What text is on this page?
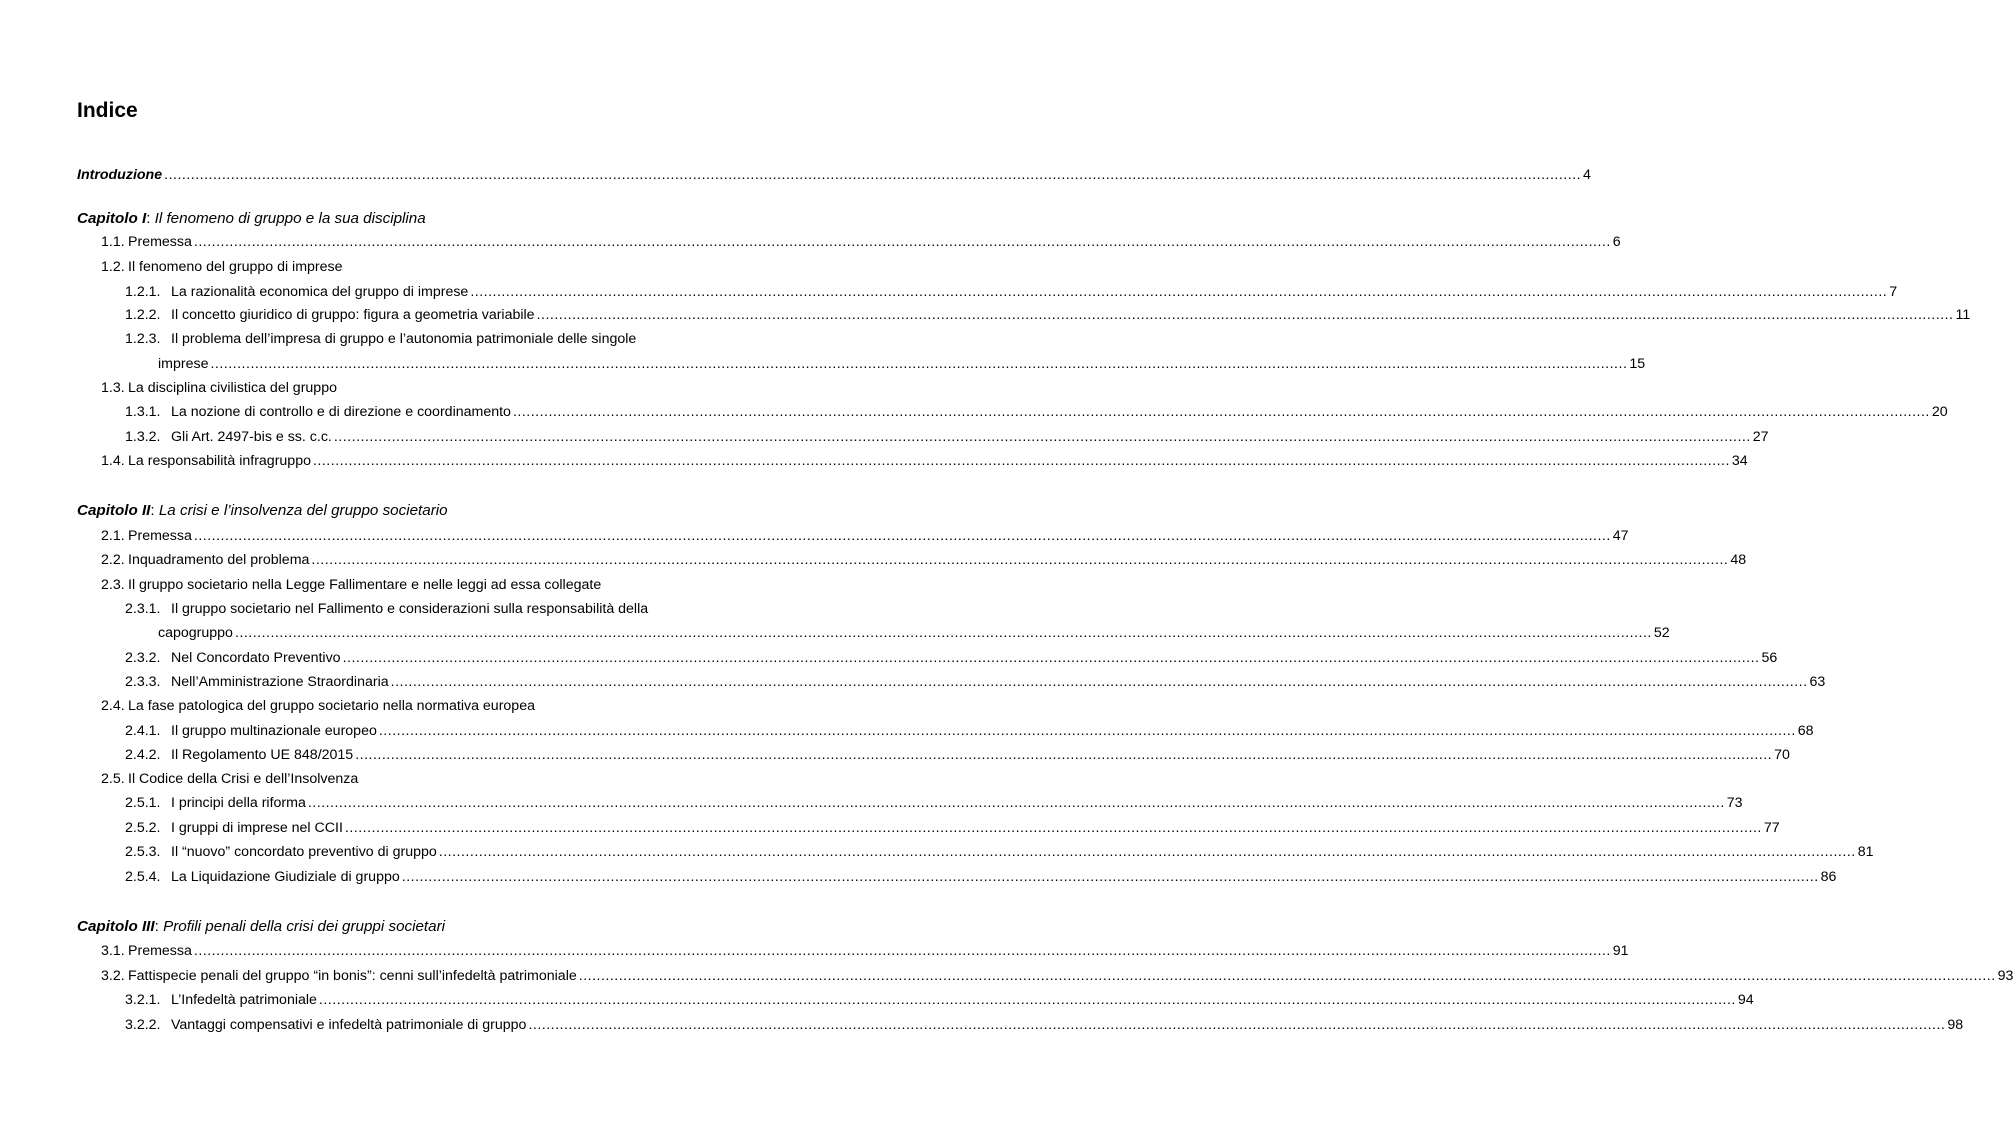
Indice
Introduzione .....	4
Capitolo I: Il fenomeno di gruppo e la sua disciplina
1.1. Premessa .....	6
1.2. Il fenomeno del gruppo di imprese
1.2.1. La razionalità economica del gruppo di imprese .....	7
1.2.2. Il concetto giuridico di gruppo: figura a geometria variabile .....	11
1.2.3. Il problema dell’impresa di gruppo e l’autonomia patrimoniale delle singole
imprese .....	15
1.3. La disciplina civilistica del gruppo
1.3.1. La nozione di controllo e di direzione e coordinamento .....	20
1.3.2. Gli Art. 2497-bis e ss. c.c. .....	27
1.4. La responsabilità infragruppo .....	34
Capitolo II: La crisi e l’insolvenza del gruppo societario
2.1. Premessa .....	47
2.2. Inquadramento del problema .....	48
2.3. Il gruppo societario nella Legge Fallimentare e nelle leggi ad essa collegate
2.3.1. Il gruppo societario nel Fallimento e considerazioni sulla responsabilità della
capogruppo .....	52
2.3.2. Nel Concordato Preventivo .....	56
2.3.3. Nell’Amministrazione Straordinaria .....	63
2.4. La fase patologica del gruppo societario nella normativa europea
2.4.1. Il gruppo multinazionale europeo .....	68
2.4.2. Il Regolamento UE 848/2015 .....	70
2.5. Il Codice della Crisi e dell’Insolvenza
2.5.1. I principi della riforma .....	73
2.5.2. I gruppi di imprese nel CCII .....	77
2.5.3. Il “nuovo” concordato preventivo di gruppo .....	81
2.5.4. La Liquidazione Giudiziale di gruppo .....	86
Capitolo III: Profili penali della crisi dei gruppi societari
3.1. Premessa .....	91
3.2. Fattispecie penali del gruppo “in bonis”: cenni sull’infedeltà patrimoniale .....	93
3.2.1. L’Infedeltà patrimoniale .....	94
3.2.2. Vantaggi compensativi e infedeltà patrimoniale di gruppo .....	98
